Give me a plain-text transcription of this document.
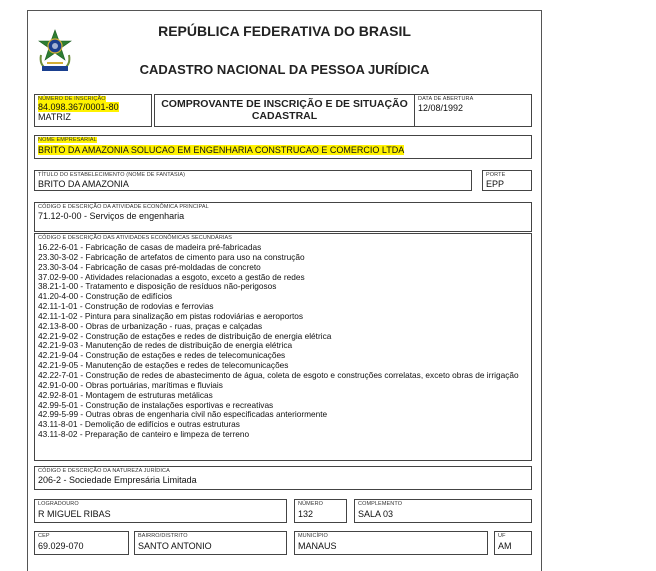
REPÚBLICA FEDERATIVA DO BRASIL
CADASTRO NACIONAL DA PESSOA JURÍDICA
NÚMERO DE INSCRIÇÃO
84.098.367/0001-80
MATRIZ
COMPROVANTE DE INSCRIÇÃO E DE SITUAÇÃO CADASTRAL
DATA DE ABERTURA
12/08/1992
NOME EMPRESARIAL
BRITO DA AMAZONIA SOLUCAO EM ENGENHARIA CONSTRUCAO E COMERCIO LTDA
TÍTULO DO ESTABELECIMENTO (NOME DE FANTASIA)
BRITO DA AMAZONIA
PORTE
EPP
CÓDIGO E DESCRIÇÃO DA ATIVIDADE ECONÔMICA PRINCIPAL
71.12-0-00 - Serviços de engenharia
CÓDIGO E DESCRIÇÃO DAS ATIVIDADES ECONÔMICAS SECUNDÁRIAS
16.22-6-01 - Fabricação de casas de madeira pré-fabricadas
23.30-3-02 - Fabricação de artefatos de cimento para uso na construção
23.30-3-04 - Fabricação de casas pré-moldadas de concreto
37.02-9-00 - Atividades relacionadas a esgoto, exceto a gestão de redes
38.21-1-00 - Tratamento e disposição de resíduos não-perigosos
41.20-4-00 - Construção de edifícios
42.11-1-01 - Construção de rodovias e ferrovias
42.11-1-02 - Pintura para sinalização em pistas rodoviárias e aeroportos
42.13-8-00 - Obras de urbanização - ruas, praças e calçadas
42.21-9-02 - Construção de estações e redes de distribuição de energia elétrica
42.21-9-03 - Manutenção de redes de distribuição de energia elétrica
42.21-9-04 - Construção de estações e redes de telecomunicações
42.21-9-05 - Manutenção de estações e redes de telecomunicações
42.22-7-01 - Construção de redes de abastecimento de água, coleta de esgoto e construções correlatas, exceto obras de irrigação
42.91-0-00 - Obras portuárias, marítimas e fluviais
42.92-8-01 - Montagem de estruturas metálicas
42.99-5-01 - Construção de instalações esportivas e recreativas
42.99-5-99 - Outras obras de engenharia civil não especificadas anteriormente
43.11-8-01 - Demolição de edifícios e outras estruturas
43.11-8-02 - Preparação de canteiro e limpeza de terreno
CÓDIGO E DESCRIÇÃO DA NATUREZA JURÍDICA
206-2 - Sociedade Empresária Limitada
LOGRADOURO
R MIGUEL RIBAS
NÚMERO
132
COMPLEMENTO
SALA 03
CEP
69.029-070
BAIRRO/DISTRITO
SANTO ANTONIO
MUNICÍPIO
MANAUS
UF
AM
